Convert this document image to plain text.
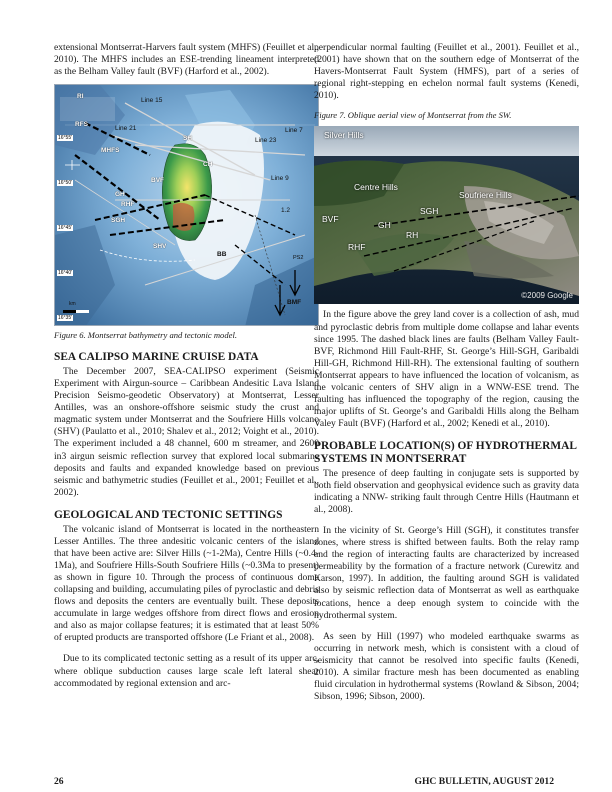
extensional Montserrat-Harvers fault system (MHFS) (Feuillet et al., 2010). The MHFS includes an ESE-trending lineament interpreted as the Belham Valley fault (BVF) (Harford et al., 2002).

16°55'
16°50'
16°45'
16°40'
16°35'
RI
Line 15
RFS
Line 21	Line 7
Line 23
SH
MHFS
CH
BVF	Line 9
GH
RHF
SGH
1.2
SHV
BB	PS2
BMF
km

Figure 6. Montserrat bathymetry and tectonic model.

SEA CALIPSO MARINE CRUISE DATA

The December 2007, SEA-CALIPSO experiment (Seismic Experiment with Airgun-source – Caribbean Andesitic Lava Island Precision Seismo-geodetic Observatory) at Montserrat, Lesser Antilles, was an onshore-offshore seismic study the crust and magmatic system under Montserrat and the Soufriere Hills volcano (SHV) (Paulatto et al., 2010; Shalev et al., 2012; Voight et al., 2010). The experiment included a 48 channel, 600 m streamer, and 2600 in3 airgun seismic reflection survey that explored local submarine deposits and faults and expanded knowledge based on previous seismic and bathymetric studies (Feuillet et al., 2001; Feuillet et al., 2002).

GEOLOGICAL AND TECTONIC SETTINGS

The volcanic island of Montserrat is located in the northeastern Lesser Antilles. The three andesitic volcanic centers of the island that have been active are: Silver Hills (~1-2Ma), Centre Hills (~0.4-1Ma), and Soufriere Hills-South Soufriere Hills (~0.3Ma to present) as shown in figure 10. Through the process of continuous dome collapsing and building, accumulating piles of pyroclastic and debris flows and deposits the centers are eventually built. These deposits accumulate in large wedges offshore from direct flows and erosion and also as major collapse features; it is estimated that at least 50% of erupted products are transported offshore (Le Friant et al., 2008).

Due to its complicated tectonic setting as a result of its upper arc, where oblique subduction causes large scale left lateral shear accommodated by regional extension and arc-

perpendicular normal faulting (Feuillet et al., 2001). Feuillet et al., (2001) have shown that on the southern edge of Montserrat of the Havers-Montserrat Fault System (HMFS), part of a series of regional right-stepping en echelon normal fault systems (Kenedi, 2010).

Figure 7. Oblique aerial view of Montserrat from the SW.

Silver Hills
Centre Hills
Soufriere Hills
SGH
BVF
GH
RH
RHF
©2009 Google

In the figure above the grey land cover is a collection of ash, mud and pyroclastic debris from multiple dome collapse and lahar events since 1995. The dashed black lines are faults (Belham Valley Fault-BVF, Richmond Hill Fault-RHF, St. George’s Hill-SGH, Garibaldi Hill-GH, Richmond Hill-RH). The extensional faulting of southern Montserrat appears to have influenced the location of volcanism, as the volcanic centers of SHV align in a WNW-ESE trend. The faulting has influenced the topography of the region, causing the major uplifts of St. George’s and Garibaldi Hills along the Belham Valey Fault (BVF) (Harford et al., 2002; Kenedi et al., 2010).

PROBABLE LOCATION(S) OF HYDROTHERMAL SYSTEMS IN MONTSERRAT

The presence of deep faulting in conjugate sets is supported by both field observation and geophysical evidence such as gravity data indicating a NNW- striking fault through Centre Hills (Hautmann et al., 2008).

In the vicinity of St. George’s Hill (SGH), it constitutes transfer zones, where stress is shifted between faults. Both the relay ramp and the region of interacting faults are characterized by increased permeability by the formation of a fracture network (Curewitz and Karson, 1997). In addition, the faulting around SGH is validated also by seismic reflection data of Montserrat as well as earthquake locations, hence a deep enough system to coincide with the hydrothermal system.

As seen by Hill (1997) who modeled earthquake swarms as occurring in network mesh, which is consistent with a cloud of seismicity that cannot be resolved into specific faults (Kenedi, 2010). A similar fracture mesh has been documented as enabling fluid circulation in hydrothermal systems (Rowland & Sibson, 2004; Sibson, 1996; Sibson, 2000).

26	GHC BULLETIN, AUGUST 2012
